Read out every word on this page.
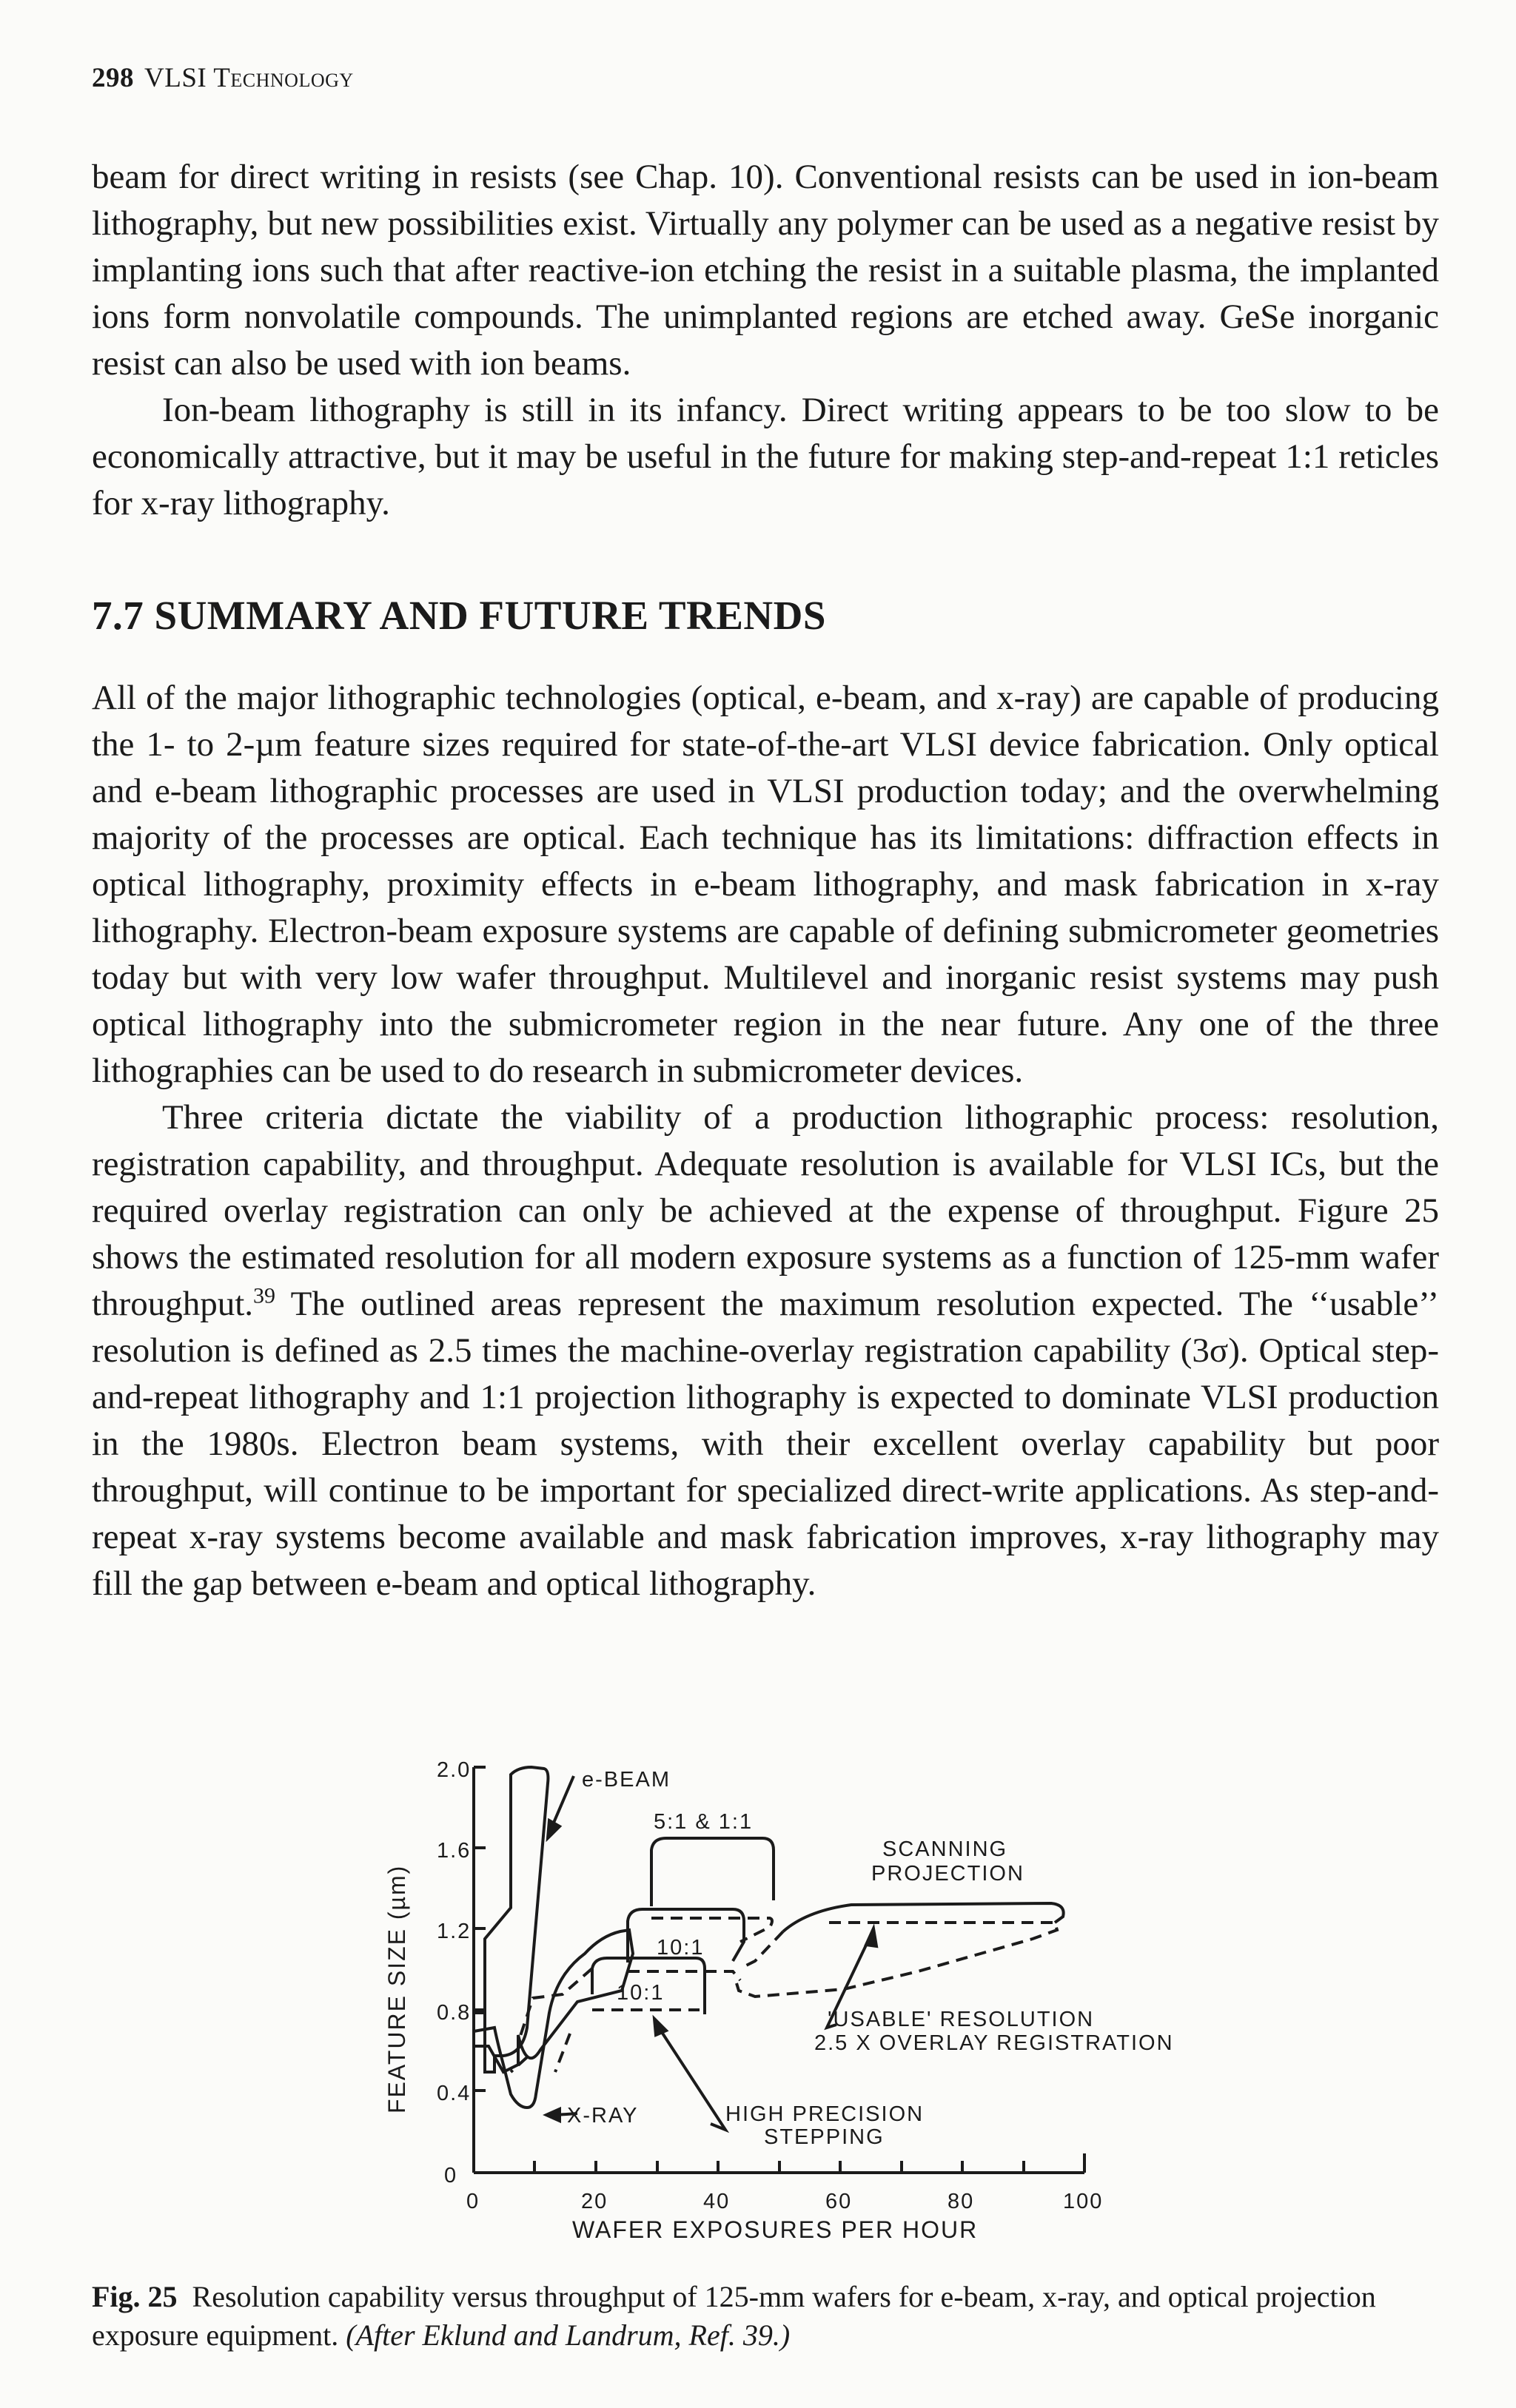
298 VLSI Technology

beam for direct writing in resists (see Chap. 10). Conventional resists can be used in ion-beam lithography, but new possibilities exist. Virtually any polymer can be used as a negative resist by implanting ions such that after reactive-ion etching the resist in a suitable plasma, the implanted ions form nonvolatile compounds. The unimplanted regions are etched away. GeSe inorganic resist can also be used with ion beams.

Ion-beam lithography is still in its infancy. Direct writing appears to be too slow to be economically attractive, but it may be useful in the future for making step-and-repeat 1:1 reticles for x-ray lithography.

7.7 SUMMARY AND FUTURE TRENDS

All of the major lithographic technologies (optical, e-beam, and x-ray) are capable of producing the 1- to 2-µm feature sizes required for state-of-the-art VLSI device fabrication. Only optical and e-beam lithographic processes are used in VLSI production today; and the overwhelming majority of the processes are optical. Each technique has its limitations: diffraction effects in optical lithography, proximity effects in e-beam lithography, and mask fabrication in x-ray lithography. Electron-beam exposure systems are capable of defining submicrometer geometries today but with very low wafer throughput. Multilevel and inorganic resist systems may push optical lithography into the submicrometer region in the near future. Any one of the three lithographies can be used to do research in submicrometer devices.

Three criteria dictate the viability of a production lithographic process: resolution, registration capability, and throughput. Adequate resolution is available for VLSI ICs, but the required overlay registration can only be achieved at the expense of throughput. Figure 25 shows the estimated resolution for all modern exposure systems as a function of 125-mm wafer throughput.$^{39}$ The outlined areas represent the maximum resolution expected. The ‘‘usable’’ resolution is defined as 2.5 times the machine-overlay registration capability (3σ). Optical step-and-repeat lithography and 1:1 projection lithography is expected to dominate VLSI production in the 1980s. Electron beam systems, with their excellent overlay capability but poor throughput, will continue to be important for specialized direct-write applications. As step-and-repeat x-ray systems become available and mask fabrication improves, x-ray lithography may fill the gap between e-beam and optical lithography.

2.0
1.6
1.2
0.8
0.4
0
0	20	40	60	80	100
FEATURE SIZE (µm)
WAFER EXPOSURES PER HOUR
e-BEAM
5:1 & 1:1
SCANNING
PROJECTION
10:1
10:1
'USABLE' RESOLUTION
2.5 X OVERLAY REGISTRATION
X-RAY	HIGH PRECISION
STEPPING
Fig. 25 Resolution capability versus throughput of 125-mm wafers for e-beam, x-ray, and optical projection exposure equipment. (After Eklund and Landrum, Ref. 39.)
